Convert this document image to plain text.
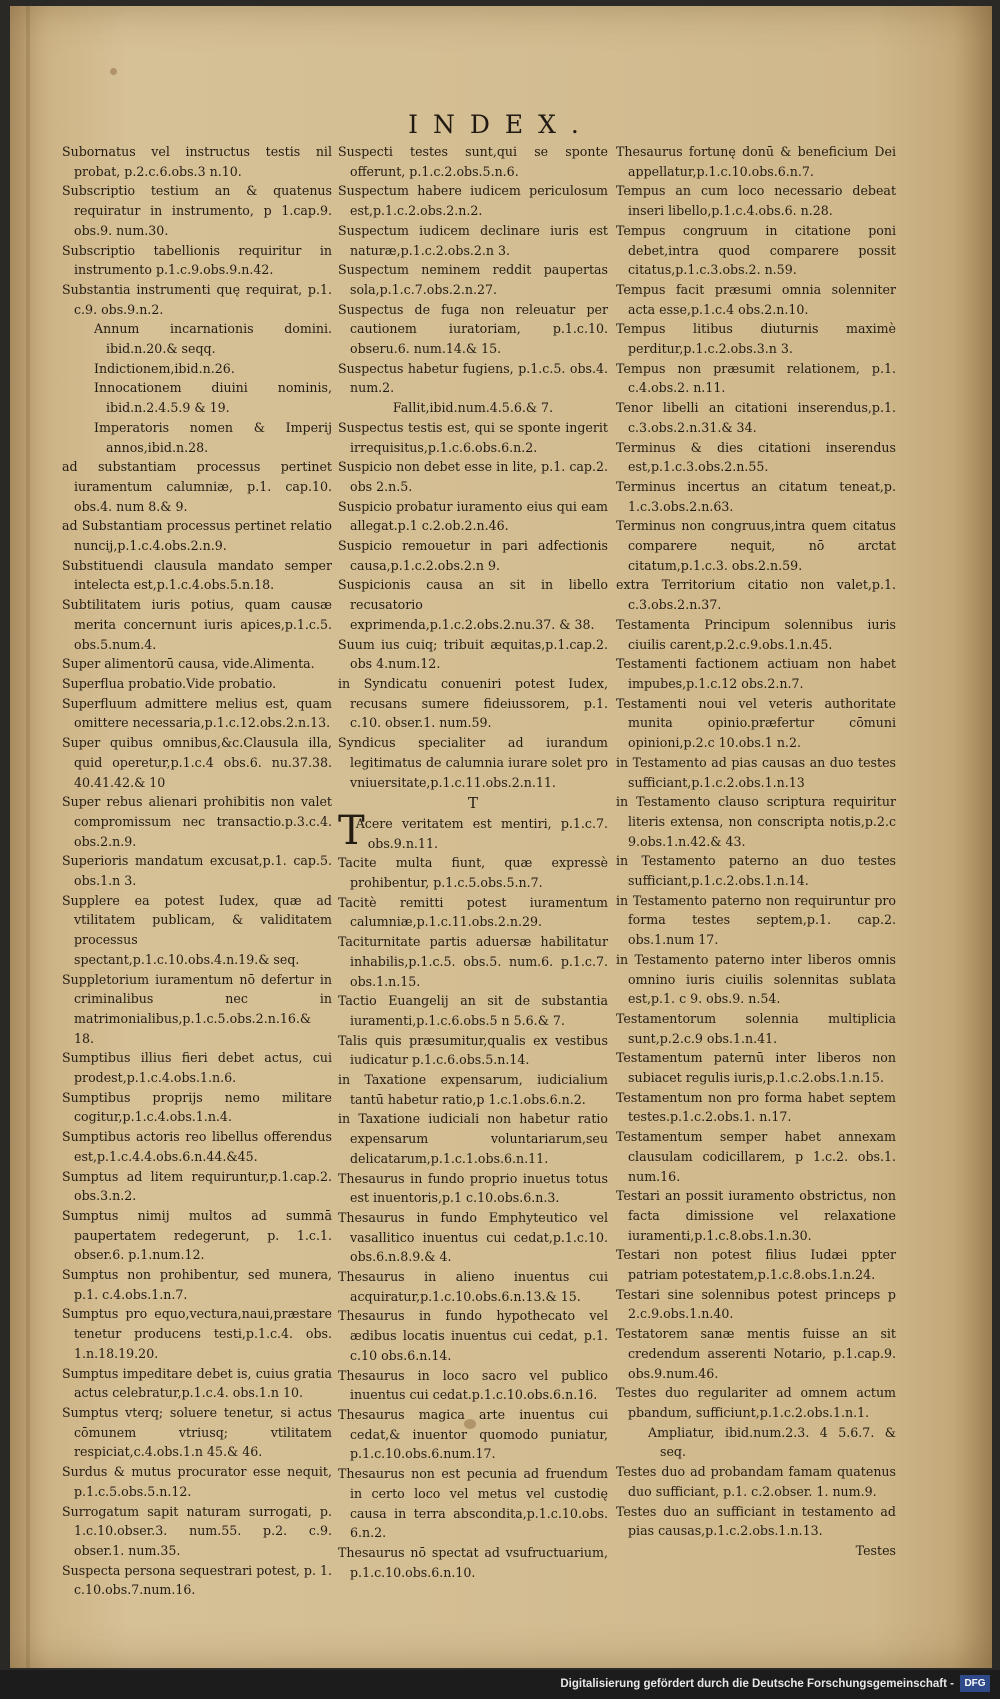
INDEX.

Subornatus vel instructus testis nil probat, p.2.c.6.obs.3 n.10.

Subscriptio testium an & quatenus requiratur in instrumento, p 1.cap.9. obs.9. num.30.

Subscriptio tabellionis requiritur in instrumento p.1.c.9.obs.9.n.42.

Substantia instrumenti quę requirat, p.1. c.9. obs.9.n.2.

Annum incarnationis domini. ibid.n.20.& seqq.

Indictionem,ibid.n.26.

Innocationem diuini nominis, ibid.n.2.4.5.9 & 19.

Imperatoris nomen & Imperij annos,ibid.n.28.

ad substantiam processus pertinet iuramentum calumniæ, p.1. cap.10. obs.4. num 8.& 9.

ad Substantiam processus pertinet relatio nuncij,p.1.c.4.obs.2.n.9.

Substituendi clausula mandato semper intelecta est,p.1.c.4.obs.5.n.18.

Subtilitatem iuris potius, quam causæ merita concernunt iuris apices,p.1.c.5. obs.5.num.4.

Super alimentorū causa, vide.Alimenta.

Superflua probatio.Vide probatio.

Superfluum admittere melius est, quam omittere necessaria,p.1.c.12.obs.2.n.13.

Super quibus omnibus,&c.Clausula illa, quid operetur,p.1.c.4 obs.6. nu.37.38. 40.41.42.& 10

Super rebus alienari prohibitis non valet compromissum nec transactio.p.3.c.4. obs.2.n.9.

Superioris mandatum excusat,p.1. cap.5. obs.1.n 3.

Supplere ea potest Iudex, quæ ad vtilitatem publicam, & validitatem processus spectant,p.1.c.10.obs.4.n.19.& seq.

Suppletorium iuramentum nō defertur in criminalibus nec in matrimonialibus,p.1.c.5.obs.2.n.16.& 18.

Sumptibus illius fieri debet actus, cui prodest,p.1.c.4.obs.1.n.6.

Sumptibus proprijs nemo militare cogitur,p.1.c.4.obs.1.n.4.

Sumptibus actoris reo libellus offerendus est,p.1.c.4.4.obs.6.n.44.&45.

Sumptus ad litem requiruntur,p.1.cap.2. obs.3.n.2.

Sumptus nimij multos ad summā paupertatem redegerunt, p. 1.c.1. obser.6. p.1.num.12.

Sumptus non prohibentur, sed munera, p.1. c.4.obs.1.n.7.

Sumptus pro equo,vectura,naui,præstare tenetur producens testi,p.1.c.4. obs. 1.n.18.19.20.

Sumptus impeditare debet is, cuius gratia actus celebratur,p.1.c.4. obs.1.n 10.

Sumptus vterq; soluere tenetur, si actus cōmunem vtriusq; vtilitatem respiciat,c.4.obs.1.n 45.& 46.

Surdus & mutus procurator esse nequit, p.1.c.5.obs.5.n.12.

Surrogatum sapit naturam surrogati, p. 1.c.10.obser.3. num.55. p.2. c.9. obser.1. num.35.

Suspecta persona sequestrari potest, p. 1. c.10.obs.7.num.16.

Suspecti testes sunt,qui se sponte offerunt, p.1.c.2.obs.5.n.6.

Suspectum habere iudicem periculosum est,p.1.c.2.obs.2.n.2.

Suspectum iudicem declinare iuris est naturæ,p.1.c.2.obs.2.n 3.

Suspectum neminem reddit paupertas sola,p.1.c.7.obs.2.n.27.

Suspectus de fuga non releuatur per cautionem iuratoriam, p.1.c.10. obseru.6. num.14.& 15.

Suspectus habetur fugiens, p.1.c.5. obs.4. num.2.

Fallit,ibid.num.4.5.6.& 7.

Suspectus testis est, qui se sponte ingerit irrequisitus,p.1.c.6.obs.6.n.2.

Suspicio non debet esse in lite, p.1. cap.2. obs 2.n.5.

Suspicio probatur iuramento eius qui eam allegat.p.1 c.2.ob.2.n.46.

Suspicio remouetur in pari adfectionis causa,p.1.c.2.obs.2.n 9.

Suspicionis causa an sit in libello recusatorio exprimenda,p.1.c.2.obs.2.nu.37. & 38.

Suum ius cuiq; tribuit æquitas,p.1.cap.2. obs 4.num.12.

in Syndicatu conueniri potest Iudex, recusans sumere fideiussorem, p.1. c.10. obser.1. num.59.

Syndicus specialiter ad iurandum legitimatus de calumnia iurare solet pro vniuersitate,p.1.c.11.obs.2.n.11.

T

TAcere veritatem est mentiri, p.1.c.7. obs.9.n.11.

Tacite multa fiunt, quæ expressè prohibentur, p.1.c.5.obs.5.n.7.

Tacitè remitti potest iuramentum calumniæ,p.1.c.11.obs.2.n.29.

Taciturnitate partis aduersæ habilitatur inhabilis,p.1.c.5. obs.5. num.6. p.1.c.7. obs.1.n.15.

Tactio Euangelij an sit de substantia iuramenti,p.1.c.6.obs.5 n 5.6.& 7.

Talis quis præsumitur,qualis ex vestibus iudicatur p.1.c.6.obs.5.n.14.

in Taxatione expensarum, iudicialium tantū habetur ratio,p 1.c.1.obs.6.n.2.

in Taxatione iudiciali non habetur ratio expensarum voluntariarum,seu delicatarum,p.1.c.1.obs.6.n.11.

Thesaurus in fundo proprio inuetus totus est inuentoris,p.1 c.10.obs.6.n.3.

Thesaurus in fundo Emphyteutico vel vasallitico inuentus cui cedat,p.1.c.10. obs.6.n.8.9.& 4.

Thesaurus in alieno inuentus cui acquiratur,p.1.c.10.obs.6.n.13.& 15.

Thesaurus in fundo hypothecato vel ædibus locatis inuentus cui cedat, p.1. c.10 obs.6.n.14.

Thesaurus in loco sacro vel publico inuentus cui cedat.p.1.c.10.obs.6.n.16.

Thesaurus magica arte inuentus cui cedat,& inuentor quomodo puniatur, p.1.c.10.obs.6.num.17.

Thesaurus non est pecunia ad fruendum in certo loco vel metus vel custodię causa in terra abscondita,p.1.c.10.obs. 6.n.2.

Thesaurus nō spectat ad vsufructuarium, p.1.c.10.obs.6.n.10.

Thesaurus fortunę donū & beneficium Dei appellatur,p.1.c.10.obs.6.n.7.

Tempus an cum loco necessario debeat inseri libello,p.1.c.4.obs.6. n.28.

Tempus congruum in citatione poni debet,intra quod comparere possit citatus,p.1.c.3.obs.2. n.59.

Tempus facit præsumi omnia solenniter acta esse,p.1.c.4 obs.2.n.10.

Tempus litibus diuturnis maximè perditur,p.1.c.2.obs.3.n 3.

Tempus non præsumit relationem, p.1. c.4.obs.2. n.11.

Tenor libelli an citationi inserendus,p.1. c.3.obs.2.n.31.& 34.

Terminus & dies citationi inserendus est,p.1.c.3.obs.2.n.55.

Terminus incertus an citatum teneat,p. 1.c.3.obs.2.n.63.

Terminus non congruus,intra quem citatus comparere nequit, nō arctat citatum,p.1.c.3. obs.2.n.59.

extra Territorium citatio non valet,p.1. c.3.obs.2.n.37.

Testamenta Principum solennibus iuris ciuilis carent,p.2.c.9.obs.1.n.45.

Testamenti factionem actiuam non habet impubes,p.1.c.12 obs.2.n.7.

Testamenti noui vel veteris authoritate munita opinio.præfertur cōmuni opinioni,p.2.c 10.obs.1 n.2.

in Testamento ad pias causas an duo testes sufficiant,p.1.c.2.obs.1.n.13

in Testamento clauso scriptura requiritur literis extensa, non conscripta notis,p.2.c 9.obs.1.n.42.& 43.

in Testamento paterno an duo testes sufficiant,p.1.c.2.obs.1.n.14.

in Testamento paterno non requiruntur pro forma testes septem,p.1. cap.2. obs.1.num 17.

in Testamento paterno inter liberos omnis omnino iuris ciuilis solennitas sublata est,p.1. c 9. obs.9. n.54.

Testamentorum solennia multiplicia sunt,p.2.c.9 obs.1.n.41.

Testamentum paternū inter liberos non subiacet regulis iuris,p.1.c.2.obs.1.n.15.

Testamentum non pro forma habet septem testes.p.1.c.2.obs.1. n.17.

Testamentum semper habet annexam clausulam codicillarem, p 1.c.2. obs.1. num.16.

Testari an possit iuramento obstrictus, non facta dimissione vel relaxatione iuramenti,p.1.c.8.obs.1.n.30.

Testari non potest filius Iudæi ppter patriam potestatem,p.1.c.8.obs.1.n.24.

Testari sine solennibus potest princeps p 2.c.9.obs.1.n.40.

Testatorem sanæ mentis fuisse an sit credendum asserenti Notario, p.1.cap.9. obs.9.num.46.

Testes duo regulariter ad omnem actum pbandum, sufficiunt,p.1.c.2.obs.1.n.1.

Ampliatur, ibid.num.2.3. 4 5.6.7. & seq.

Testes duo ad probandam famam quatenus duo sufficiant, p.1. c.2.obser. 1. num.9.

Testes duo an sufficiant in testamento ad pias causas,p.1.c.2.obs.1.n.13.

Testes

Digitalisierung gefördert durch die Deutsche Forschungsgemeinschaft -	DFG
